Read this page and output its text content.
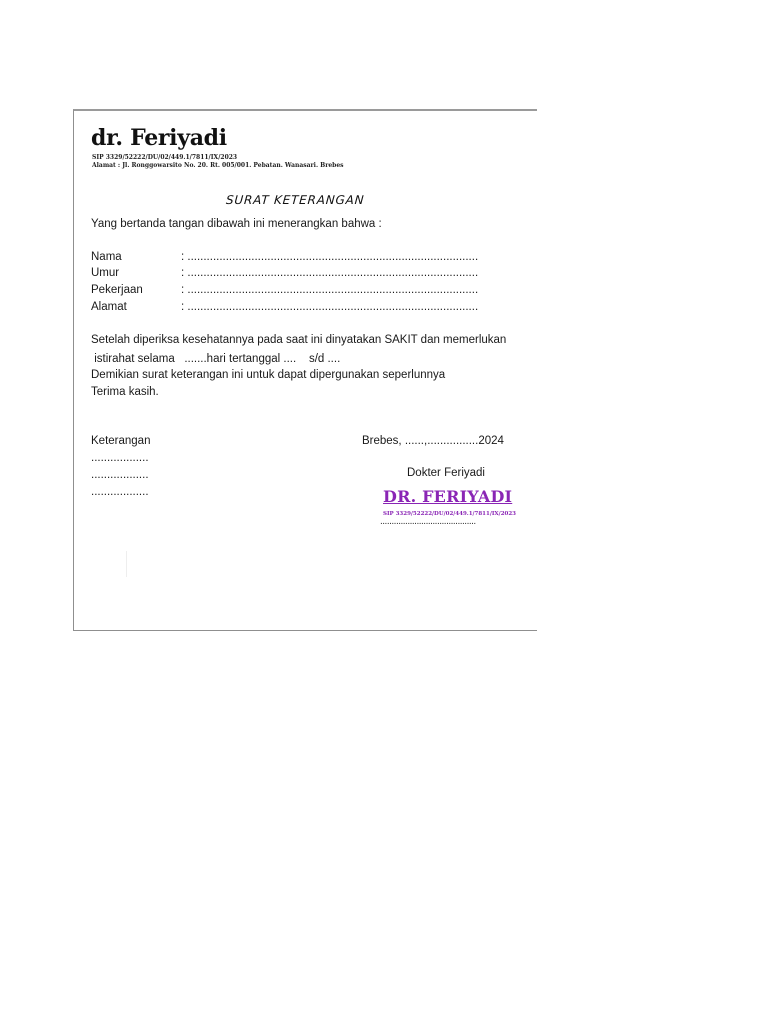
dr. Feriyadi
SIP 3329/52222/DU/02/449.1/7811/IX/2023
Alamat : Jl. Ronggowarsito No. 20. Rt. 005/001. Pebatan. Wanasari. Brebes
SURAT KETERANGAN
Yang bertanda tangan dibawah ini menerangkan bahwa :
Nama	: ...........................................................................................
Umur	: ...........................................................................................
Pekerjaan	: ...........................................................................................
Alamat	: ...........................................................................................
Setelah diperiksa kesehatannya pada saat ini dinyatakan SAKIT dan memerlukan
istirahat selama   .......hari tertanggal ....    s/d ....
Demikian surat keterangan ini untuk dapat dipergunakan seperlunnya
Terima kasih.
Keterangan
..................
..................
..................
Brebes, ......,................2024
Dokter Feriyadi
DR. FERIYADI
SIP 3329/52222/DU/02/449.1/7811/IX/2023
..........................................
